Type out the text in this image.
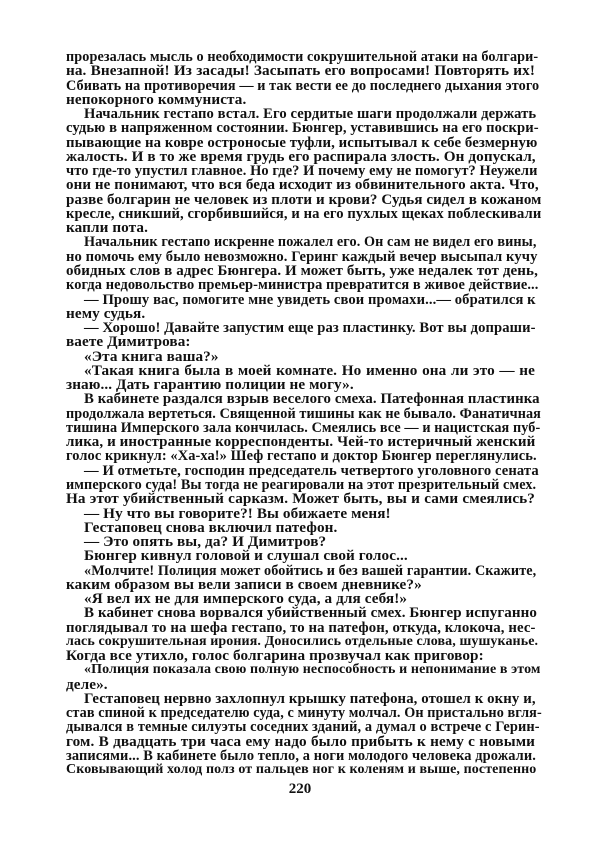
прорезалась мысль о необходимости сокрушительной атаки на болгари-
на. Внезапной! Из засады! Засыпать его вопросами! Повторять их!
Сбивать на противоречия — и так вести ее до последнего дыхания этого
непокорного коммуниста.
Начальник гестапо встал. Его сердитые шаги продолжали держать
судью в напряженном состоянии. Бюнгер, уставившись на его поскри-
пывающие на ковре остроносые туфли, испытывал к себе безмерную
жалость. И в то же время грудь его распирала злость. Он допускал,
что где-то упустил главное. Но где? И почему ему не помогут? Неужели
они не понимают, что вся беда исходит из обвинительного акта. Что,
разве болгарин не человек из плоти и крови? Судья сидел в кожаном
кресле, сникший, сгорбившийся, и на его пухлых щеках поблескивали
капли пота.
Начальник гестапо искренне пожалел его. Он сам не видел его вины,
но помочь ему было невозможно. Геринг каждый вечер высыпал кучу
обидных слов в адрес Бюнгера. И может быть, уже недалек тот день,
когда недовольство премьер-министра превратится в живое действие...
— Прошу вас, помогите мне увидеть свои промахи...— обратился к
нему судья.
— Хорошо! Давайте запустим еще раз пластинку. Вот вы допраши-
ваете Димитрова:
«Эта книга ваша?»
«Такая книга была в моей комнате. Но именно она ли это — не
знаю... Дать гарантию полиции не могу».
В кабинете раздался взрыв веселого смеха. Патефонная пластинка
продолжала вертеться. Священной тишины как не бывало. Фанатичная
тишина Имперского зала кончилась. Смеялись все — и нацистская пуб-
лика, и иностранные корреспонденты. Чей-то истеричный женский
голос крикнул: «Ха-ха!» Шеф гестапо и доктор Бюнгер переглянулись.
— И отметьте, господин председатель четвертого уголовного сената
имперского суда! Вы тогда не реагировали на этот презрительный смех.
На этот убийственный сарказм. Может быть, вы и сами смеялись?
— Ну что вы говорите?! Вы обижаете меня!
Гестаповец снова включил патефон.
— Это опять вы, да? И Димитров?
Бюнгер кивнул головой и слушал свой голос...
«Молчите! Полиция может обойтись и без вашей гарантии. Скажите,
каким образом вы вели записи в своем дневнике?»
«Я вел их не для имперского суда, а для себя!»
В кабинет снова ворвался убийственный смех. Бюнгер испуганно
поглядывал то на шефа гестапо, то на патефон, откуда, клокоча, нес-
лась сокрушительная ирония. Доносились отдельные слова, шушуканье.
Когда все утихло, голос болгарина прозвучал как приговор:
«Полиция показала свою полную неспособность и непонимание в этом
деле».
Гестаповец нервно захлопнул крышку патефона, отошел к окну и,
став спиной к председателю суда, с минуту молчал. Он пристально вгля-
дывался в темные силуэты соседних зданий, а думал о встрече с Герин-
гом. В двадцать три часа ему надо было прибыть к нему с новыми
записями... В кабинете было тепло, а ноги молодого человека дрожали.
Сковывающий холод полз от пальцев ног к коленям и выше, постепенно
220
